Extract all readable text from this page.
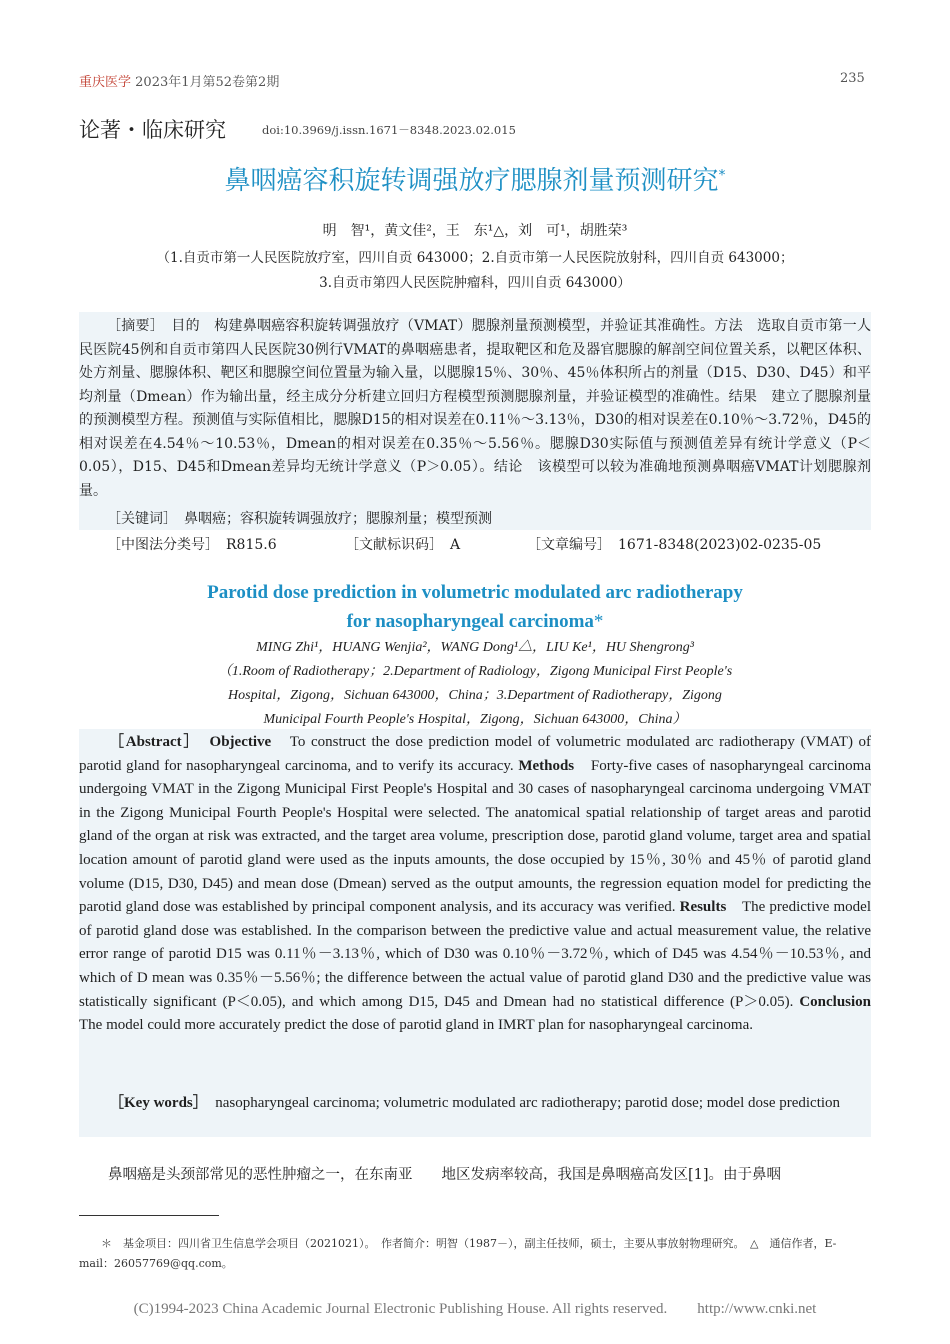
重庆医学 2023年1月第52卷第2期	235
论著・临床研究	doi:10.3969/j.issn.1671－8348.2023.02.015
鼻咽癌容积旋转调强放疗腮腺剂量预测研究*
明　智¹，黄文佳²，王　东¹△，刘　可¹，胡胜荣³
（1.自贡市第一人民医院放疗室，四川自贡 643000；2.自贡市第一人民医院放射科，四川自贡 643000；
3.自贡市第四人民医院肿瘤科，四川自贡 643000）
［摘要］　 目的　 构建鼻咽癌容积旋转调强放疗（VMAT）腮腺剂量预测模型，并验证其准确性。方法　 选取自贡市第一人民医院45例和自贡市第四人民医院30例行VMAT的鼻咽癌患者，提取靶区和危及器官腮腺的解剖空间位置关系，以靶区体积、处方剂量、腮腺体积、靶区和腮腺空间位置量为输入量，以腮腺15％、30％、45％体积所占的剂量（D15、D30、D45）和平均剂量（Dmean）作为输出量，经主成分分析建立回归方程模型预测腮腺剂量，并验证模型的准确性。结果　 建立了腮腺剂量的预测模型方程。预测值与实际值相比，腮腺D15的相对误差在0.11％～3.13％，D30的相对误差在0.10％～3.72％，D45的相对误差在4.54％～10.53％，Dmean的相对误差在0.35％～5.56％。腮腺D30实际值与预测值差异有统计学意义（P＜0.05），D15、D45和Dmean差异均无统计学意义（P＞0.05）。结论　 该模型可以较为准确地预测鼻咽癌VMAT计划腮腺剂量。
［关键词］　 鼻咽癌；容积旋转调强放疗；腮腺剂量；模型预测
［中图法分类号］　 R815.6	［文献标识码］　 A	［文章编号］　 1671-8348(2023)02-0235-05
Parotid dose prediction in volumetric modulated arc radiotherapy
for nasopharyngeal carcinoma*
MING Zhi¹，HUANG Wenjia²，WANG Dong¹△，LIU Ke¹，HU Shengrong³
（1.Room of Radiotherapy；2.Department of Radiology，Zigong Municipal First People's
Hospital，Zigong，Sichuan 643000，China；3.Department of Radiotherapy，Zigong
Municipal Fourth People's Hospital，Zigong，Sichuan 643000，China）
［Abstract］　 Objective　 To construct the dose prediction model of volumetric modulated arc radiotherapy (VMAT) of parotid gland for nasopharyngeal carcinoma, and to verify its accuracy. Methods　 Forty-five cases of nasopharyngeal carcinoma undergoing VMAT in the Zigong Municipal First People's Hospital and 30 cases of nasopharyngeal carcinoma undergoing VMAT in the Zigong Municipal Fourth People's Hospital were selected. The anatomical spatial relationship of target areas and parotid gland of the organ at risk was extracted, and the target area volume, prescription dose, parotid gland volume, target area and spatial location amount of parotid gland were used as the inputs amounts, the dose occupied by 15％, 30％ and 45％ of parotid gland volume (D15, D30, D45) and mean dose (Dmean) served as the output amounts, the regression equation model for predicting the parotid gland dose was established by principal component analysis, and its accuracy was verified. Results　 The predictive model of parotid gland dose was established. In the comparison between the predictive value and actual measurement value, the relative error range of parotid D15 was 0.11％－3.13％, which of D30 was 0.10％－3.72％, which of D45 was 4.54％－10.53％, and which of D mean was 0.35％－5.56％; the difference between the actual value of parotid gland D30 and the predictive value was statistically significant (P＜0.05), and which among D15, D45 and Dmean had no statistical difference (P＞0.05). Conclusion　The model could more accurately predict the dose of parotid gland in IMRT plan for nasopharyngeal carcinoma.
［Key words］　 nasopharyngeal carcinoma; volumetric modulated arc radiotherapy; parotid dose; model dose prediction
鼻咽癌是头颈部常见的恶性肿瘤之一，在东南亚　　地区发病率较高，我国是鼻咽癌高发区[1]。由于鼻咽
＊　基金项目：四川省卫生信息学会项目（2021021）。　作者简介：明智（1987－），副主任技师，硕士，主要从事放射物理研究。　△　通信作者，E-mail：26057769@qq.com。
(C)1994-2023 China Academic Journal Electronic Publishing House. All rights reserved.　　http://www.cnki.net
